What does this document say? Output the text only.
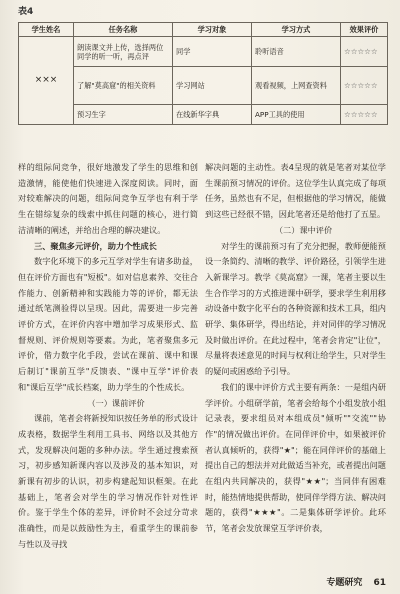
表4
学生姓名	任务名称	学习对象	学习方式	效果评价
×××	朗读课文并上传，选择两位同学的听一听，再点评	同学	聆听语音	☆☆☆☆☆
	了解"莫高窟"的相关资料	学习网站	观看视频，上网查资料	☆☆☆☆☆
	预习生字	在线新华字典	APP工具的使用	☆☆☆☆☆

样的组际间竞争，很好地激发了学生的思维和创造激情，能使他们快速进入深度阅读。同时，面对较难解决的问题，组际间竞争互学也有利于学生在错综复杂的线索中抓住问题的核心，进行简洁清晰的阐述，并给出合理的解决建议。

三、聚焦多元评价，助力个性成长

数字化环境下的多元互学对学生有诸多助益，但在评价方面也有"短板"。如对信息素养、交往合作能力、创新精神和实践能力等的评价，都无法通过纸笔测验得以呈现。因此，需要进一步完善评价方式，在评价内容中增加学习成果形式、监督规则、评价规则等要素。为此，笔者聚焦多元评价，借力数字化手段，尝试在课前、课中和课后制订"课前互学"反馈表、"课中互学"评价表和"课后互学"成长档案，助力学生的个性成长。

（一）课前评价

课前，笔者会将新授知识按任务单的形式设计成表格，数据学生利用工具书、网络以及其他方式，发现解决问题的多种办法。学生通过搜索预习，初步感知新课内容以及涉及的基本知识，对新课有初步的认识，初步构建起知识框架。在此基础上，笔者会对学生的学习情况作针对性评价。鉴于学生个体的差异，评价时不会过分苛求准确性，而是以鼓励性为主，看重学生的课前参与性以及寻找

解决问题的主动性。表4呈现的就是笔者对某位学生课前预习情况的评价。这位学生认真完成了每项任务，虽然也有不足，但根据他的学习情况，能做到这些已经很不错，因此笔者还是给他打了五星。

（二）课中评价

对学生的课前预习有了充分把握，教师便能预设一条简约、清晰的教学、评价路径，引领学生进入新课学习。教学《莫高窟》一课，笔者主要以生生合作学习的方式推进课中研学，要求学生利用移动设备中数字化平台的各种资源和技术工具，组内研学、集体研学，得出结论，并对同伴的学习情况及时做出评价。在此过程中，笔者会肯定"让位"，尽量将表述意见的时间与权利让给学生，只对学生的疑问或困惑给予引导。

我们的课中评价方式主要有两条：一是组内研学评价。小组研学前，笔者会给每个小组发放小组记录表，要求组员对本组成员"倾听""交流""协作"的情况做出评价。在同伴评价中，如果被评价者认真倾听的，获得"★"；能在同伴评价的基础上提出自己的想法并对此做适当补充，或者提出问题在组内共同解决的，获得"★★"；当同伴有困难时，能热情地提供帮助，使同伴学得方法、解决问题的，获得"★★★"。二是集体研学评价。此环节，笔者会发放课堂互学评价表，

专题研究 61
